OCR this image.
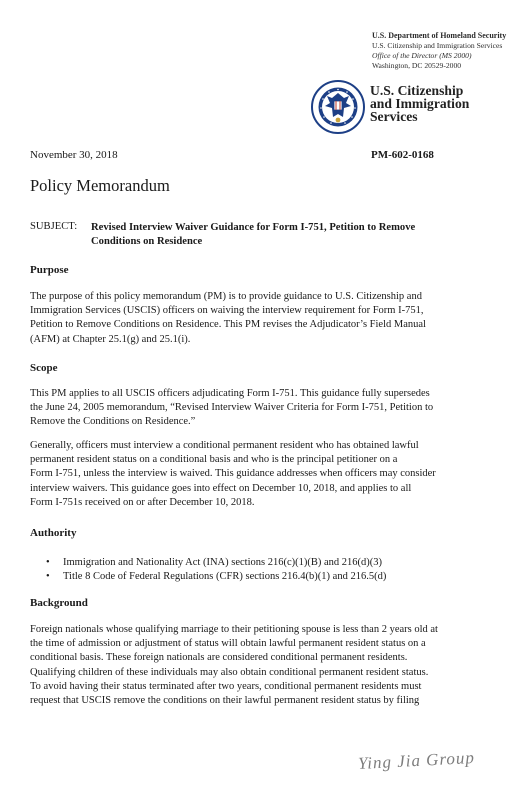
U.S. Department of Homeland Security
U.S. Citizenship and Immigration Services
Office of the Director (MS 2000)
Washington, DC 20529-2000
U.S. Citizenship
and Immigration
Services
November 30, 2018	PM-602-0168
Policy Memorandum
SUBJECT: Revised Interview Waiver Guidance for Form I-751, Petition to Remove
Conditions on Residence
Purpose
The purpose of this policy memorandum (PM) is to provide guidance to U.S. Citizenship and
Immigration Services (USCIS) officers on waiving the interview requirement for Form I-751,
Petition to Remove Conditions on Residence. This PM revises the Adjudicator’s Field Manual
(AFM) at Chapter 25.1(g) and 25.1(i).
Scope
This PM applies to all USCIS officers adjudicating Form I-751. This guidance fully supersedes
the June 24, 2005 memorandum, “Revised Interview Waiver Criteria for Form I-751, Petition to
Remove the Conditions on Residence.”
Generally, officers must interview a conditional permanent resident who has obtained lawful
permanent resident status on a conditional basis and who is the principal petitioner on a
Form I-751, unless the interview is waived. This guidance addresses when officers may consider
interview waivers. This guidance goes into effect on December 10, 2018, and applies to all
Form I-751s received on or after December 10, 2018.
Authority
• Immigration and Nationality Act (INA) sections 216(c)(1)(B) and 216(d)(3)
• Title 8 Code of Federal Regulations (CFR) sections 216.4(b)(1) and 216.5(d)
Background
Foreign nationals whose qualifying marriage to their petitioning spouse is less than 2 years old at
the time of admission or adjustment of status will obtain lawful permanent resident status on a
conditional basis. These foreign nationals are considered conditional permanent residents.
Qualifying children of these individuals may also obtain conditional permanent resident status.
To avoid having their status terminated after two years, conditional permanent residents must
request that USCIS remove the conditions on their lawful permanent resident status by filing
Ying Jia Group
